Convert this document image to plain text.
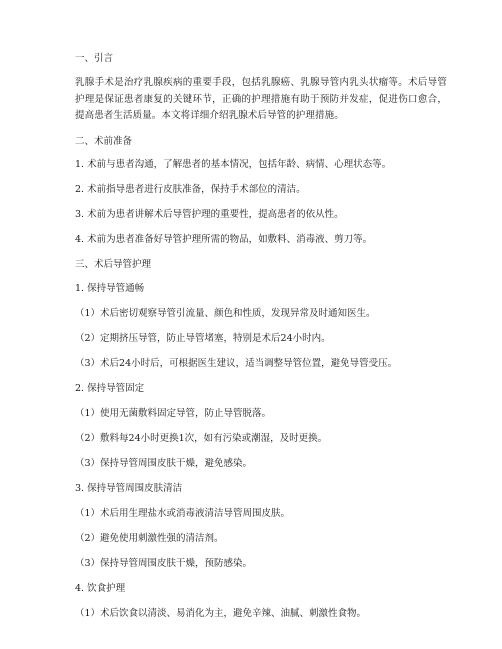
一、引言

乳腺手术是治疗乳腺疾病的重要手段，包括乳腺癌、乳腺导管内乳头状瘤等。术后导管护理是保证患者康复的关键环节，正确的护理措施有助于预防并发症，促进伤口愈合，提高患者生活质量。本文将详细介绍乳腺术后导管的护理措施。

二、术前准备

1. 术前与患者沟通，了解患者的基本情况，包括年龄、病情、心理状态等。

2. 术前指导患者进行皮肤准备，保持手术部位的清洁。

3. 术前为患者讲解术后导管护理的重要性，提高患者的依从性。

4. 术前为患者准备好导管护理所需的物品，如敷料、消毒液、剪刀等。

三、术后导管护理

1. 保持导管通畅

（1）术后密切观察导管引流量、颜色和性质，发现异常及时通知医生。

（2）定期挤压导管，防止导管堵塞，特别是术后24小时内。

（3）术后24小时后，可根据医生建议，适当调整导管位置，避免导管受压。

2. 保持导管固定

（1）使用无菌敷料固定导管，防止导管脱落。

（2）敷料每24小时更换1次，如有污染或潮湿，及时更换。

（3）保持导管周围皮肤干燥，避免感染。

3. 保持导管周围皮肤清洁

（1）术后用生理盐水或消毒液清洁导管周围皮肤。

（2）避免使用刺激性强的清洁剂。

（3）保持导管周围皮肤干燥，预防感染。

4. 饮食护理

（1）术后饮食以清淡、易消化为主，避免辛辣、油腻、刺激性食物。
